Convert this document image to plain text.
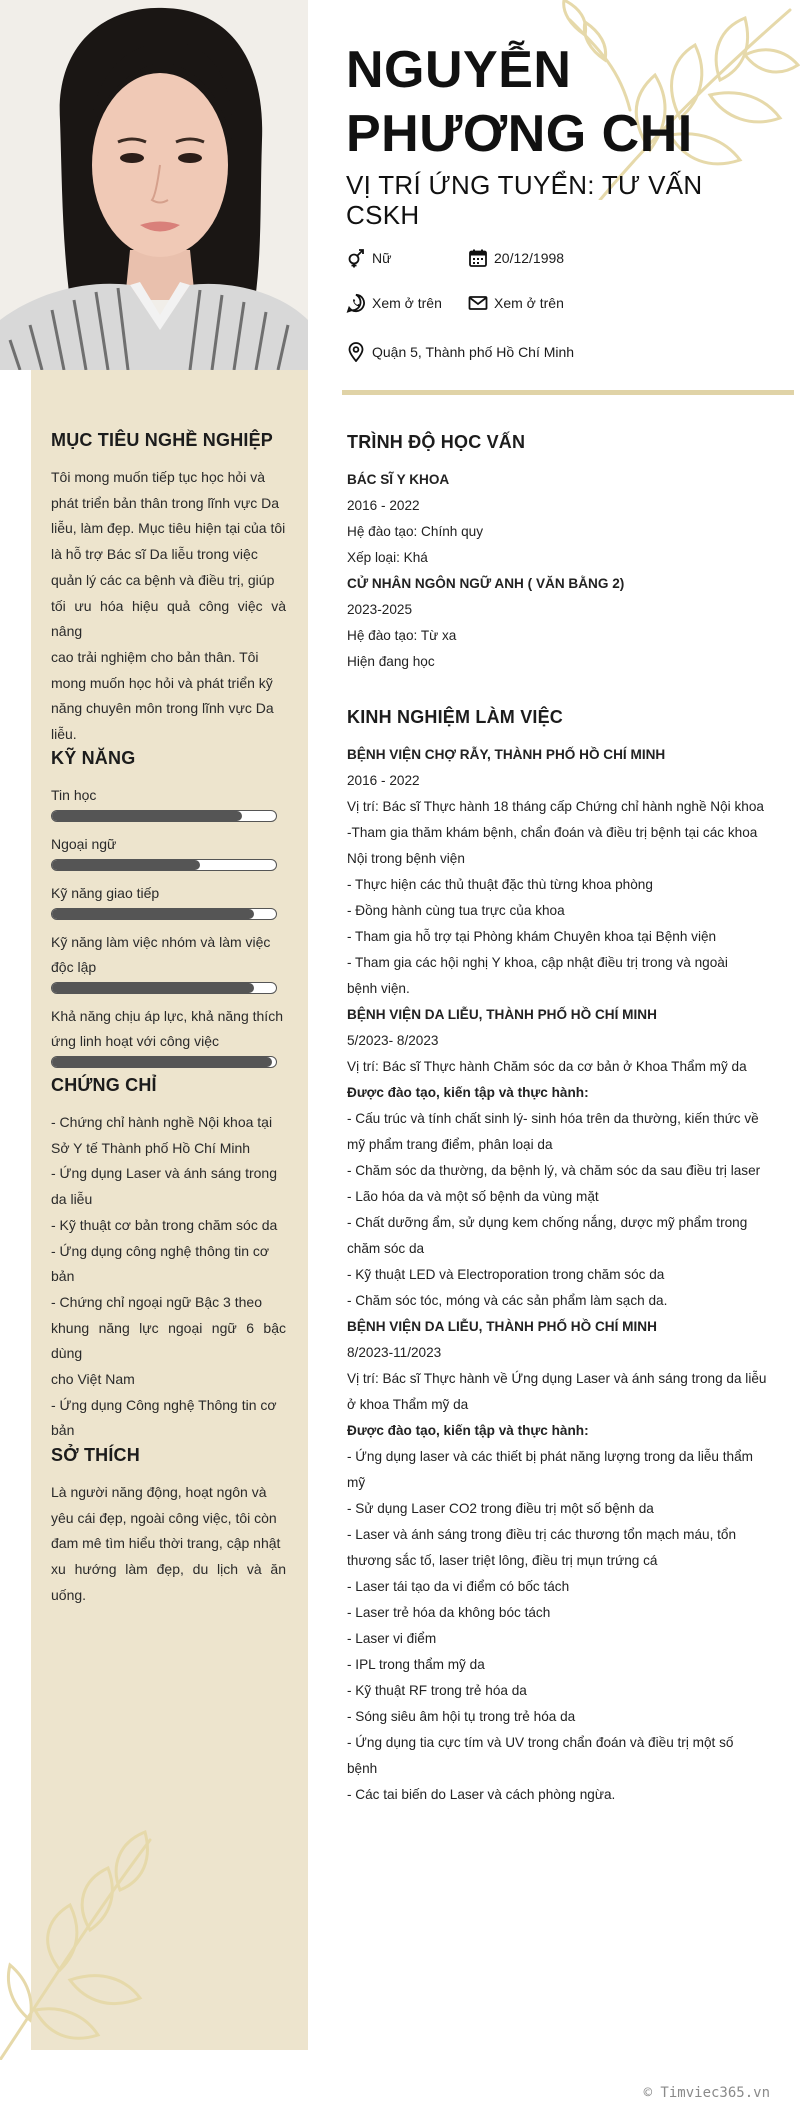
NGUYỄN
PHƯƠNG CHI
VỊ TRÍ ỨNG TUYỂN: TƯ VẤN
CSKH
Nữ	20/12/1998
Xem ở trên	Xem ở trên
Quận 5, Thành phố Hồ Chí Minh
MỤC TIÊU NGHỀ NGHIỆP
Tôi mong muốn tiếp tục học hỏi và
phát triển bản thân trong lĩnh vực Da
liễu, làm đẹp. Mục tiêu hiện tại của tôi
là hỗ trợ Bác sĩ Da liễu trong việc
quản lý các ca bệnh và điều trị, giúp
tối ưu hóa hiệu quả công việc và nâng
cao trải nghiệm cho bản thân. Tôi
mong muốn học hỏi và phát triển kỹ
năng chuyên môn trong lĩnh vực Da
liễu.
KỸ NĂNG
Tin học
Ngoại ngữ
Kỹ năng giao tiếp
Kỹ năng làm việc nhóm và làm việc
độc lập
Khả năng chịu áp lực, khả năng thích
ứng linh hoạt với công việc
CHỨNG CHỈ
- Chứng chỉ hành nghề Nội khoa tại
Sở Y tế Thành phố Hồ Chí Minh
- Ứng dụng Laser và ánh sáng trong
da liễu
- Kỹ thuật cơ bản trong chăm sóc da
- Ứng dụng công nghệ thông tin cơ
bản
- Chứng chỉ ngoại ngữ Bậc 3 theo
khung năng lực ngoại ngữ 6 bậc dùng
cho Việt Nam
- Ứng dụng Công nghệ Thông tin cơ
bản
SỞ THÍCH
Là người năng động, hoạt ngôn và
yêu cái đẹp, ngoài công việc, tôi còn
đam mê tìm hiểu thời trang, cập nhật
xu hướng làm đẹp, du lịch và ăn uống.
TRÌNH ĐỘ HỌC VẤN
BÁC SĨ Y KHOA
2016 - 2022
Hệ đào tạo: Chính quy
Xếp loại: Khá
CỬ NHÂN NGÔN NGỮ ANH ( VĂN BẰNG 2)
2023-2025
Hệ đào tạo: Từ xa
Hiện đang học
KINH NGHIỆM LÀM VIỆC
BỆNH VIỆN CHỢ RẪY, THÀNH PHỐ HỒ CHÍ MINH
2016 - 2022
Vị trí: Bác sĩ Thực hành 18 tháng cấp Chứng chỉ hành nghề Nội khoa
-Tham gia thăm khám bệnh, chẩn đoán và điều trị bệnh tại các khoa
Nội trong bệnh viện
- Thực hiện các thủ thuật đặc thù từng khoa phòng
- Đồng hành cùng tua trực của khoa
- Tham gia hỗ trợ tại Phòng khám Chuyên khoa tại Bệnh viện
- Tham gia các hội nghị Y khoa, cập nhật điều trị trong và ngoài
bệnh viện.
BỆNH VIỆN DA LIỄU, THÀNH PHỐ HỒ CHÍ MINH
5/2023- 8/2023
Vị trí: Bác sĩ Thực hành Chăm sóc da cơ bản ở Khoa Thẩm mỹ da
Được đào tạo, kiến tập và thực hành:
- Cấu trúc và tính chất sinh lý- sinh hóa trên da thường, kiến thức về
mỹ phẩm trang điểm, phân loại da
- Chăm sóc da thường, da bệnh lý, và chăm sóc da sau điều trị laser
- Lão hóa da và một số bệnh da vùng mặt
- Chất dưỡng ẩm, sử dụng kem chống nắng, dược mỹ phẩm trong
chăm sóc da
- Kỹ thuật LED và Electroporation trong chăm sóc da
- Chăm sóc tóc, móng và các sản phẩm làm sạch da.
BỆNH VIỆN DA LIỄU, THÀNH PHỐ HỒ CHÍ MINH
8/2023-11/2023
Vị trí: Bác sĩ Thực hành về Ứng dụng Laser và ánh sáng trong da liễu
ở khoa Thẩm mỹ da
Được đào tạo, kiến tập và thực hành:
- Ứng dụng laser và các thiết bị phát năng lượng trong da liễu thẩm
mỹ
- Sử dụng Laser CO2 trong điều trị một số bệnh da
- Laser và ánh sáng trong điều trị các thương tổn mạch máu, tổn
thương sắc tố, laser triệt lông, điều trị mụn trứng cá
- Laser tái tạo da vi điểm có bốc tách
- Laser trẻ hóa da không bóc tách
- Laser vi điểm
- IPL trong thẩm mỹ da
- Kỹ thuật RF trong trẻ hóa da
- Sóng siêu âm hội tụ trong trẻ hóa da
- Ứng dụng tia cực tím và UV trong chẩn đoán và điều trị một số
bệnh
- Các tai biến do Laser và cách phòng ngừa.
© Timviec365.vn
